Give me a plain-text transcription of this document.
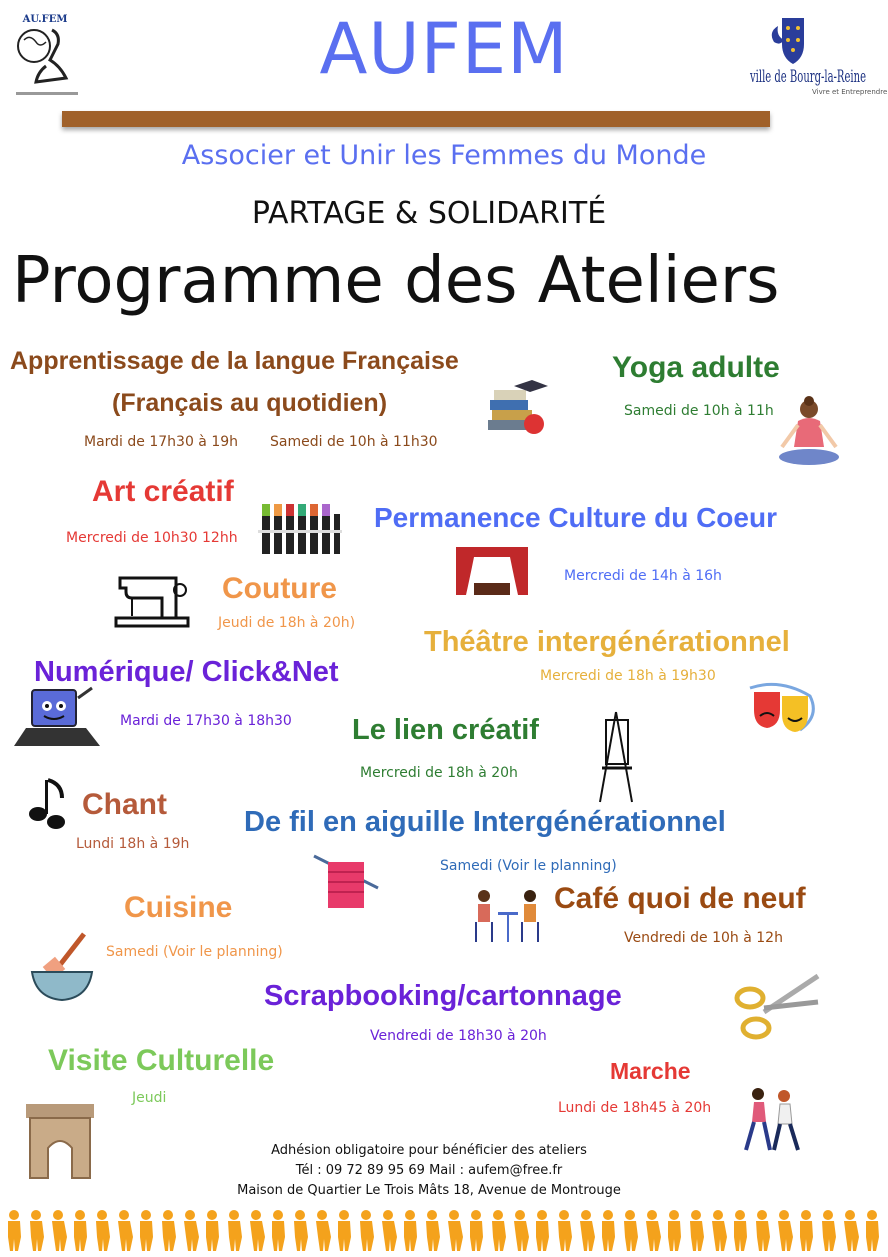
AU.FEM
ville de Bourg-la-Reine
Vivre et Entreprendre
AUFEM
Associer et Unir les Femmes du Monde
PARTAGE & SOLIDARITÉ
Programme des Ateliers
Apprentissage de la langue Française
(Français au quotidien)
Mardi de 17h30 à 19h Samedi de 10h à 11h30
Yoga adulte
Samedi de 10h à 11h
Art créatif
Mercredi de 10h30 12hh
Permanence Culture du Coeur
Mercredi de 14h à 16h
Couture
Jeudi de 18h à 20h)
Théâtre intergénérationnel
Mercredi de 18h à 19h30
Numérique/ Click&Net
Mardi de 17h30 à 18h30 Le lien créatif
Mercredi de 18h à 20h
Chant
Lundi 18h à 19h
De fil en aiguille Intergénérationnel
Samedi (Voir le planning)
Cuisine
Samedi (Voir le planning)
Café quoi de neuf
Vendredi de 10h à 12h
Scrapbooking/cartonnage
Vendredi de 18h30 à 20h
Visite Culturelle
Jeudi
Marche
Lundi de 18h45 à 20h
Adhésion obligatoire pour bénéficier des ateliers
Tél : 09 72 89 95 69 Mail : aufem@free.fr
Maison de Quartier Le Trois Mâts 18, Avenue de Montrouge
